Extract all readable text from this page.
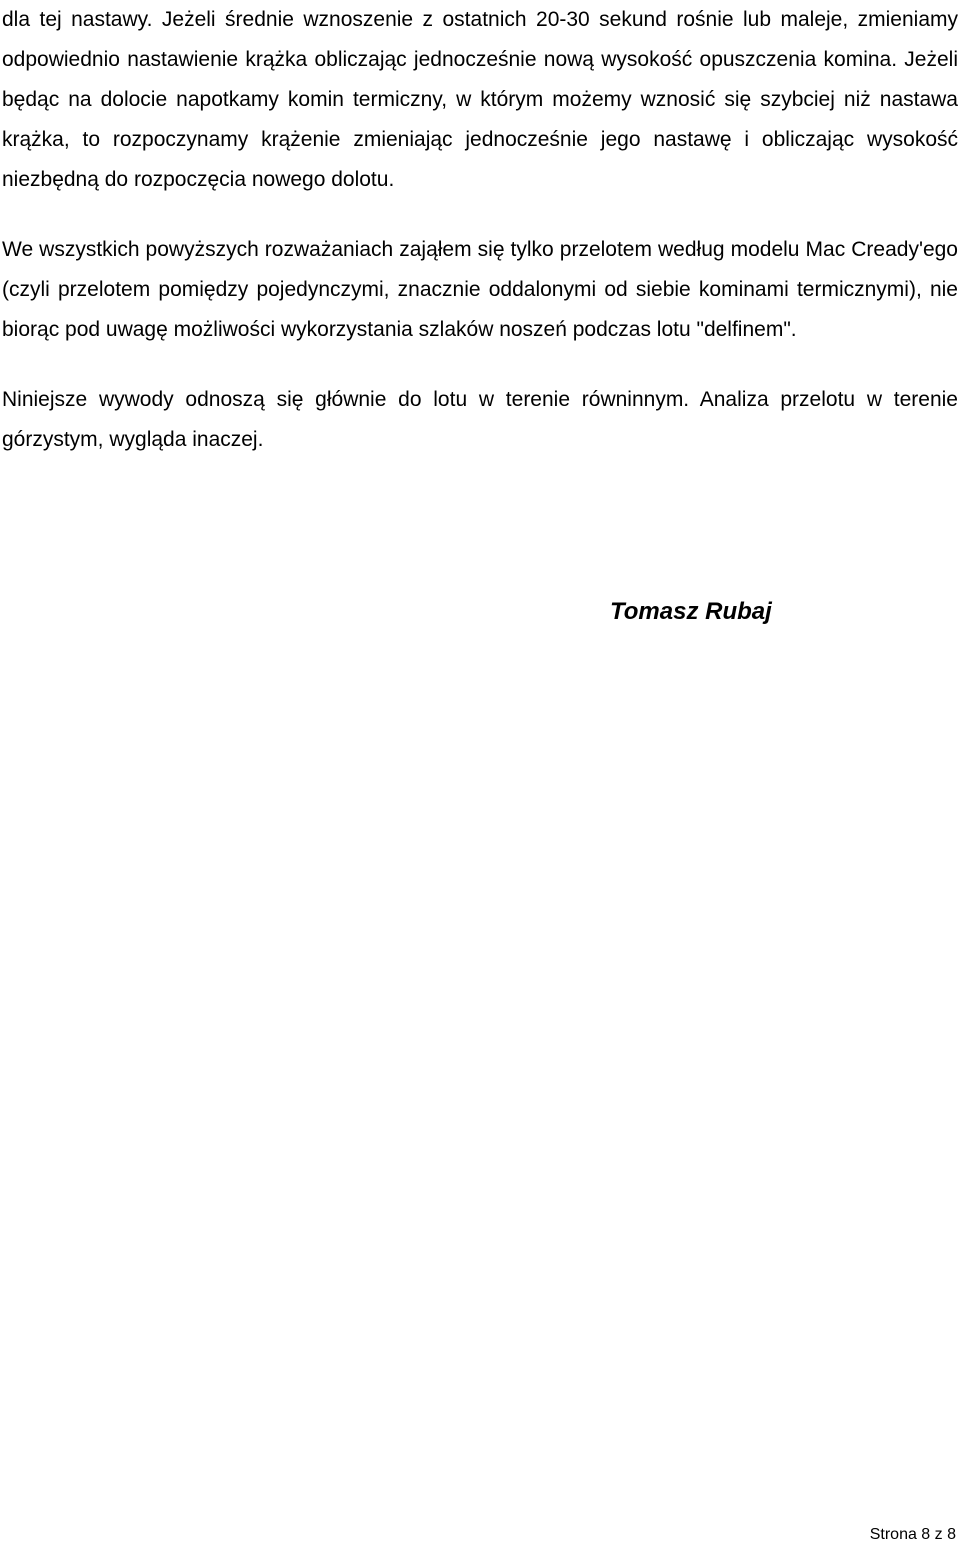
dla tej nastawy. Jeżeli średnie wznoszenie z ostatnich 20-30 sekund rośnie lub maleje, zmieniamy odpowiednio nastawienie krążka obliczając jednocześnie nową wysokość opuszczenia komina. Jeżeli będąc na dolocie napotkamy komin termiczny, w którym możemy wznosić się szybciej niż nastawa krążka, to rozpoczynamy krążenie zmieniając jednocześnie jego nastawę i obliczając wysokość niezbędną do rozpoczęcia nowego dolotu.

We wszystkich powyższych rozważaniach zająłem się tylko przelotem według modelu Mac Cready'ego (czyli przelotem pomiędzy pojedynczymi, znacznie oddalonymi od siebie kominami termicznymi), nie biorąc pod uwagę możliwości wykorzystania szlaków noszeń podczas lotu "delfinem".

Niniejsze wywody odnoszą się głównie do lotu w terenie równinnym. Analiza przelotu w terenie górzystym, wygląda inaczej.

Tomasz Rubaj
Strona 8 z 8
